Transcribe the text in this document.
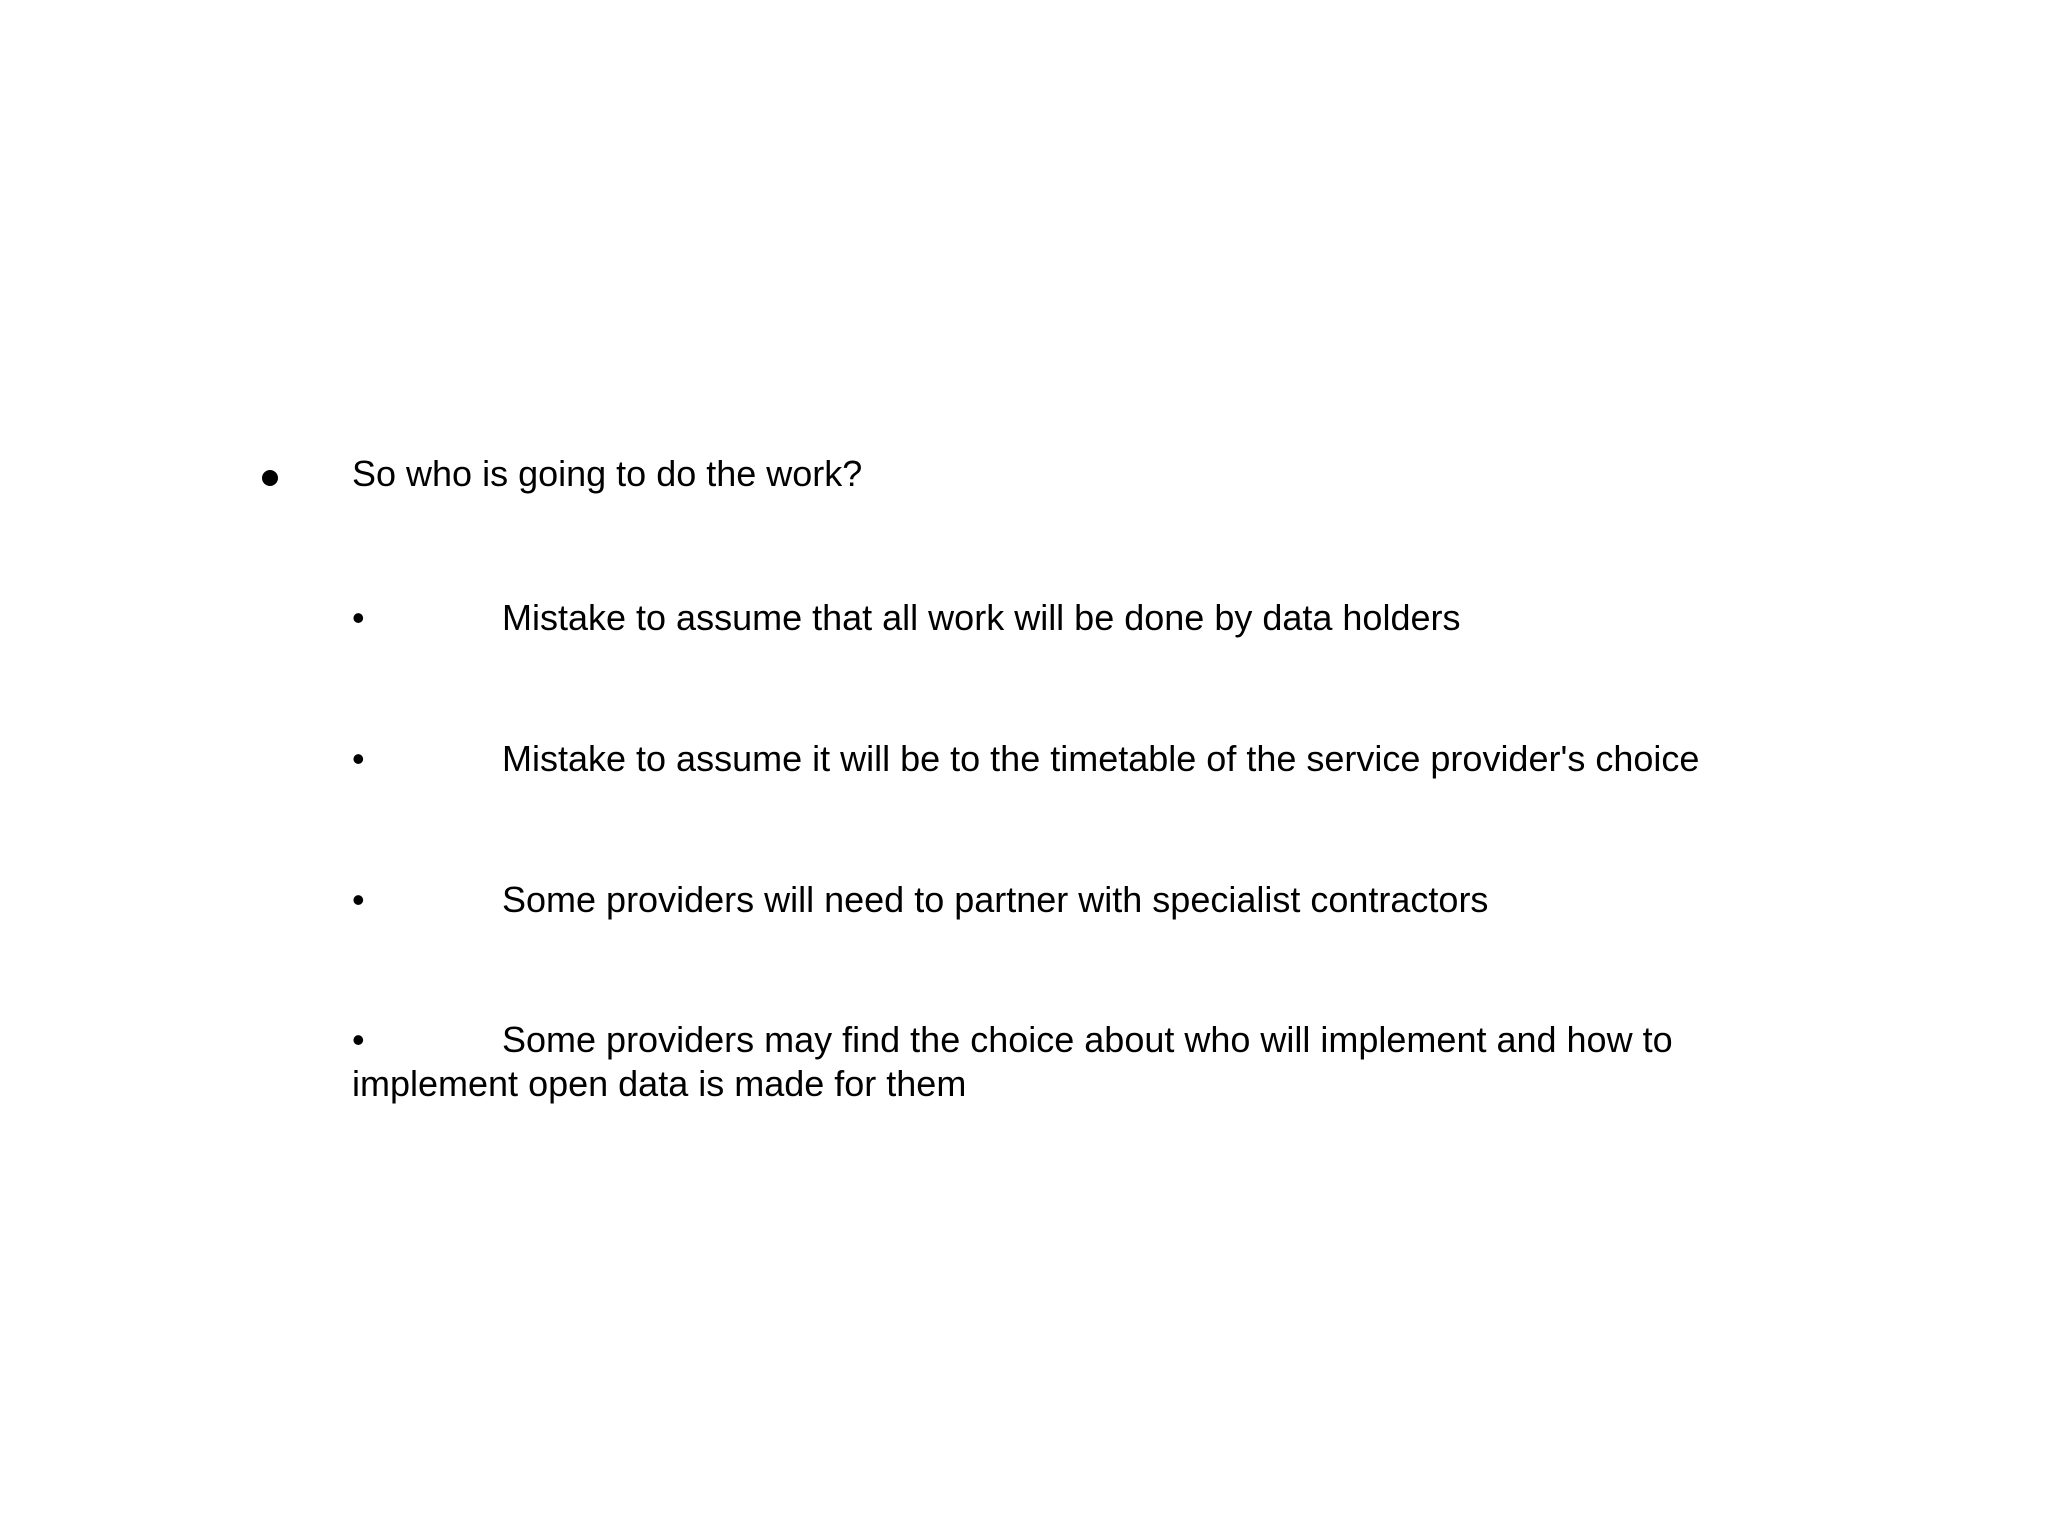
So who is going to do the work?
•	Mistake to assume that all work will be done by data holders
•	Mistake to assume it will be to the timetable of the service provider's choice
•	Some providers will need to partner with specialist contractors
•	Some providers may find the choice about who will implement and how to implement open data is made for them
